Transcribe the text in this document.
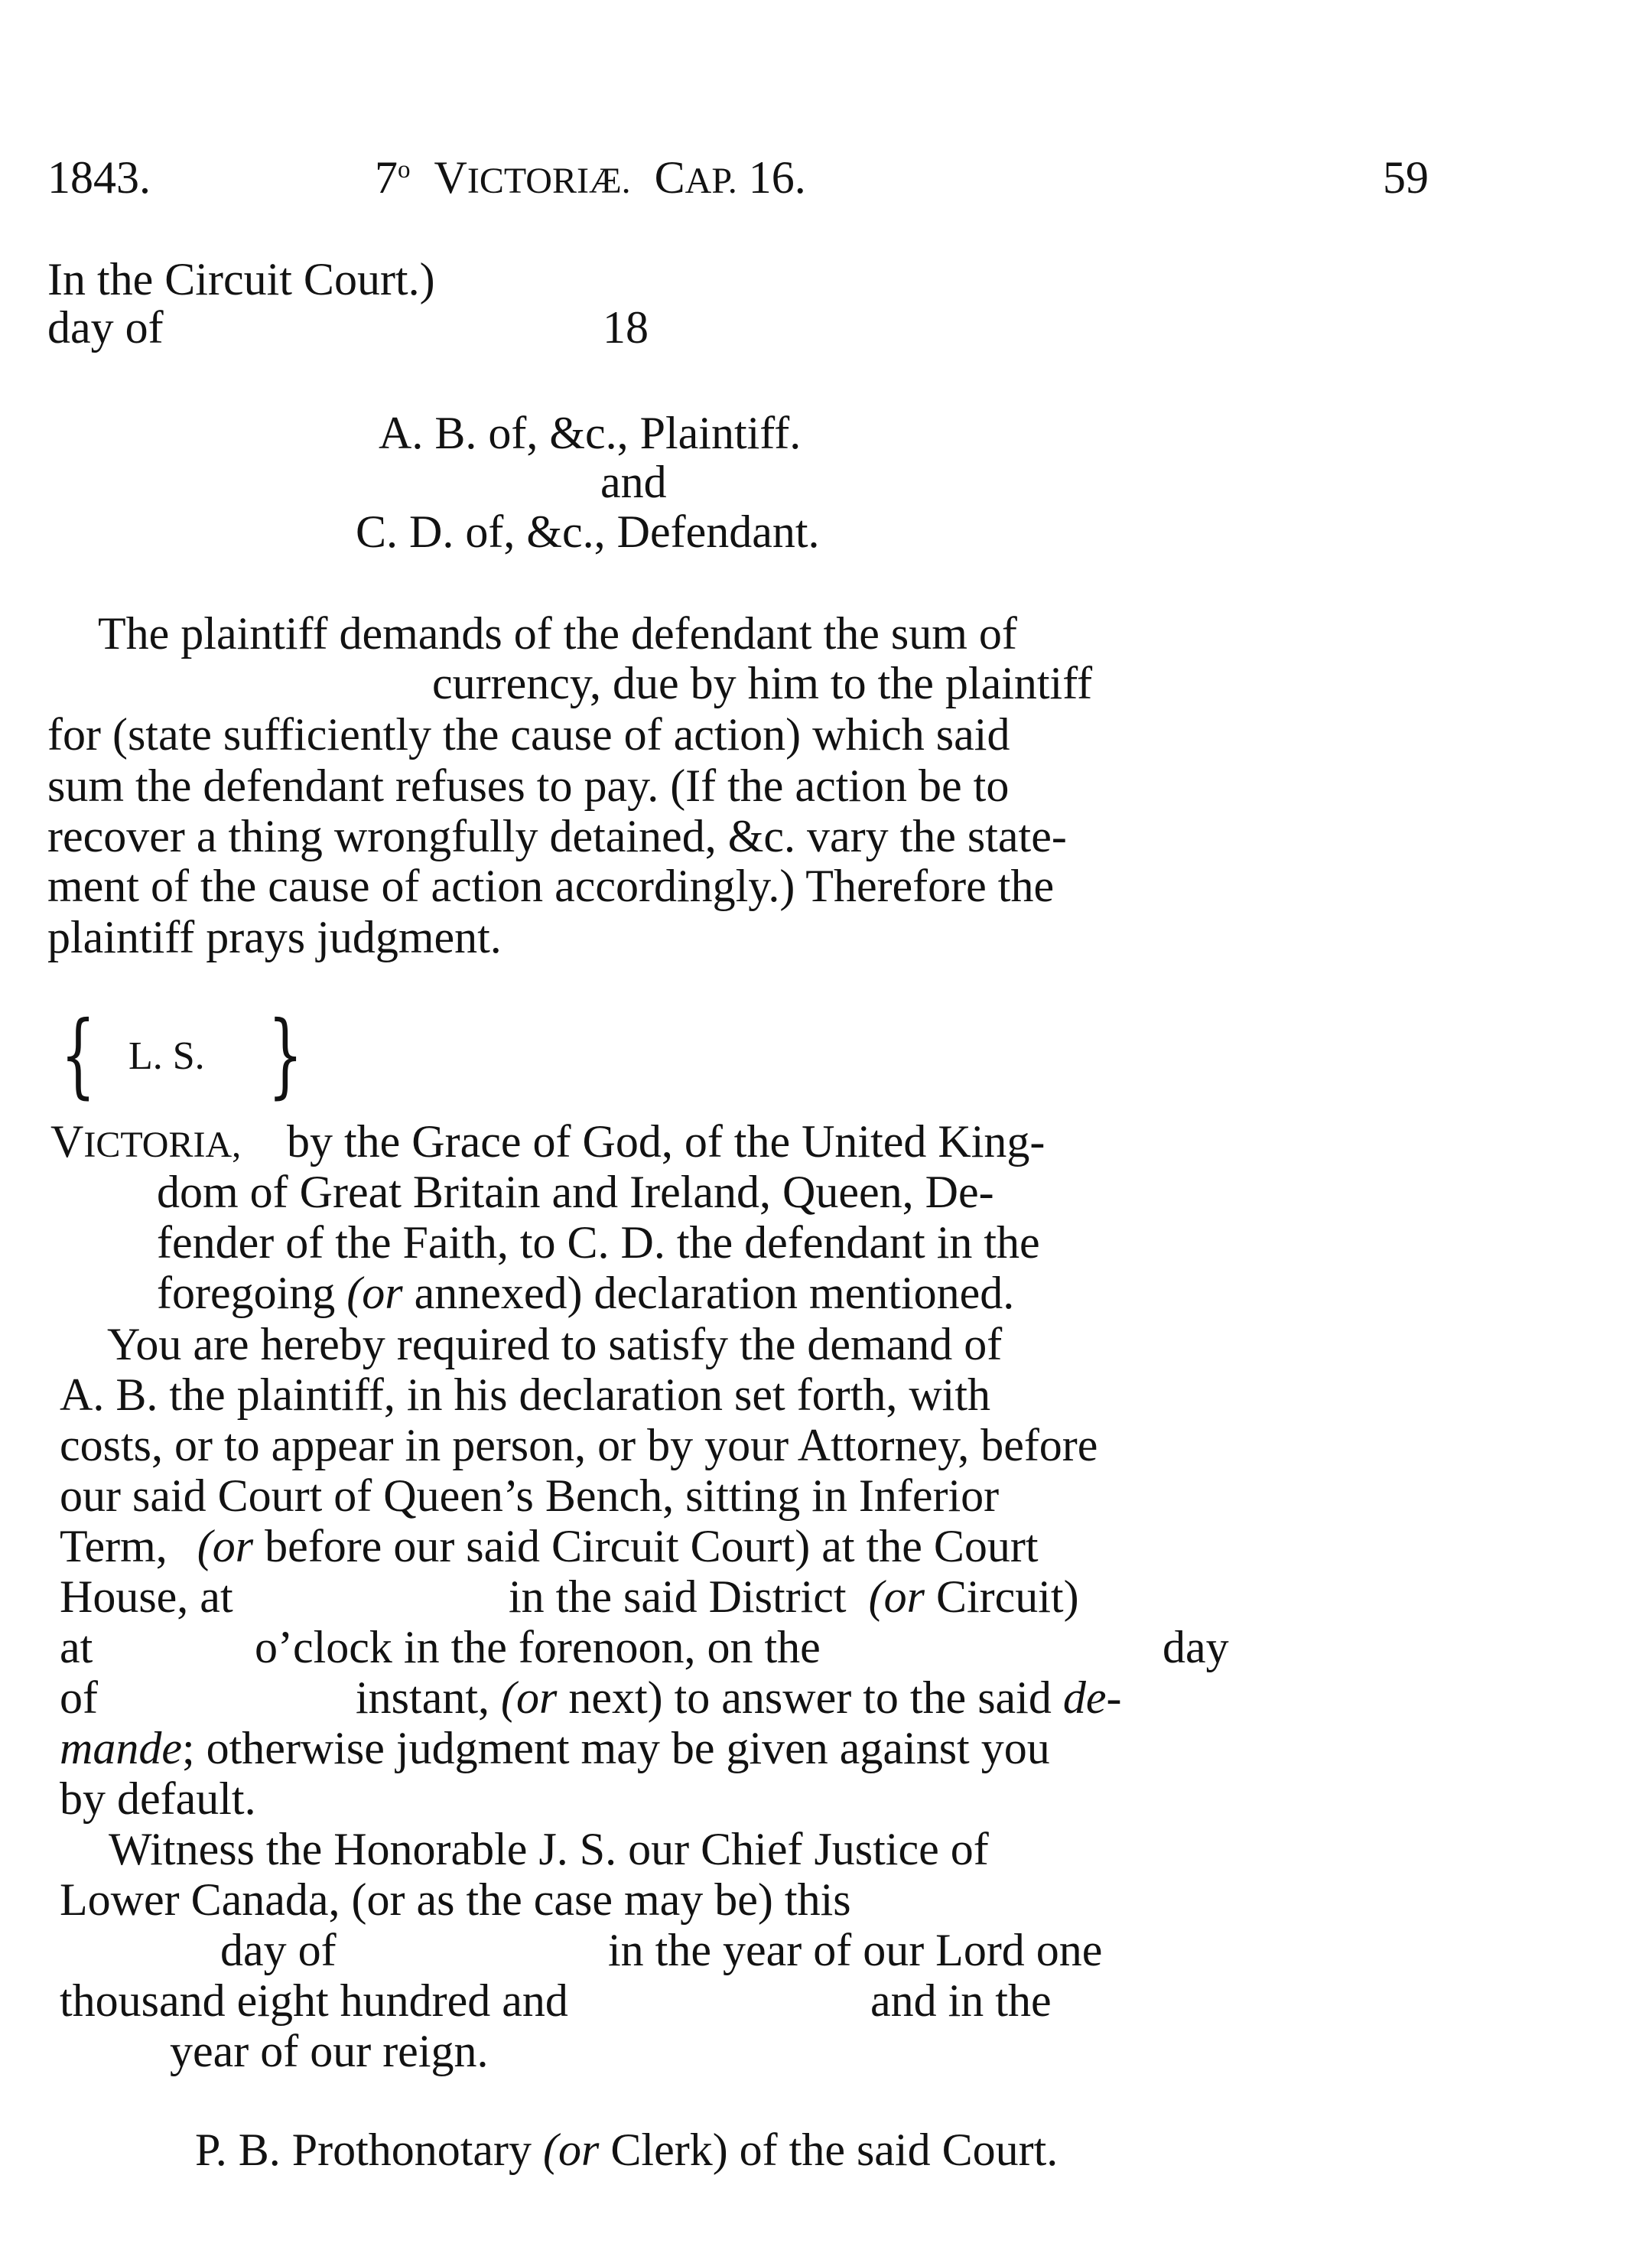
1843.	7$^o$ VICTORIÆ. CAP. 16.	59
In the Circuit Court.)
day of	18
A. B. of, &c., Plaintiff.
and
C. D. of, &c., Defendant.
The plaintiff demands of the defendant the sum of
currency, due by him to the plaintiff
for (state sufficiently the cause of action) which said
sum the defendant refuses to pay. (If the action be to
recover a thing wrongfully detained, &c. vary the state-
ment of the cause of action accordingly.) Therefore the
plaintiff prays judgment.
{ L. S. }
VICTORIA, by the Grace of God, of the United King-
dom of Great Britain and Ireland, Queen, De-
fender of the Faith, to C. D. the defendant in the
foregoing (or annexed) declaration mentioned.
You are hereby required to satisfy the demand of
A. B. the plaintiff, in his declaration set forth, with
costs, or to appear in person, or by your Attorney, before
our said Court of Queen’s Bench, sitting in Inferior
Term, (or before our said Circuit Court) at the Court
House, at	in the said District (or Circuit)
at	o’clock in the forenoon, on the	day
of	instant, (or next) to answer to the said de-
mande; otherwise judgment may be given against you
by default.
Witness the Honorable J. S. our Chief Justice of
Lower Canada, (or as the case may be) this
day of	in the year of our Lord one
thousand eight hundred and	and in the
year of our reign.
P. B. Prothonotary (or Clerk) of the said Court.
